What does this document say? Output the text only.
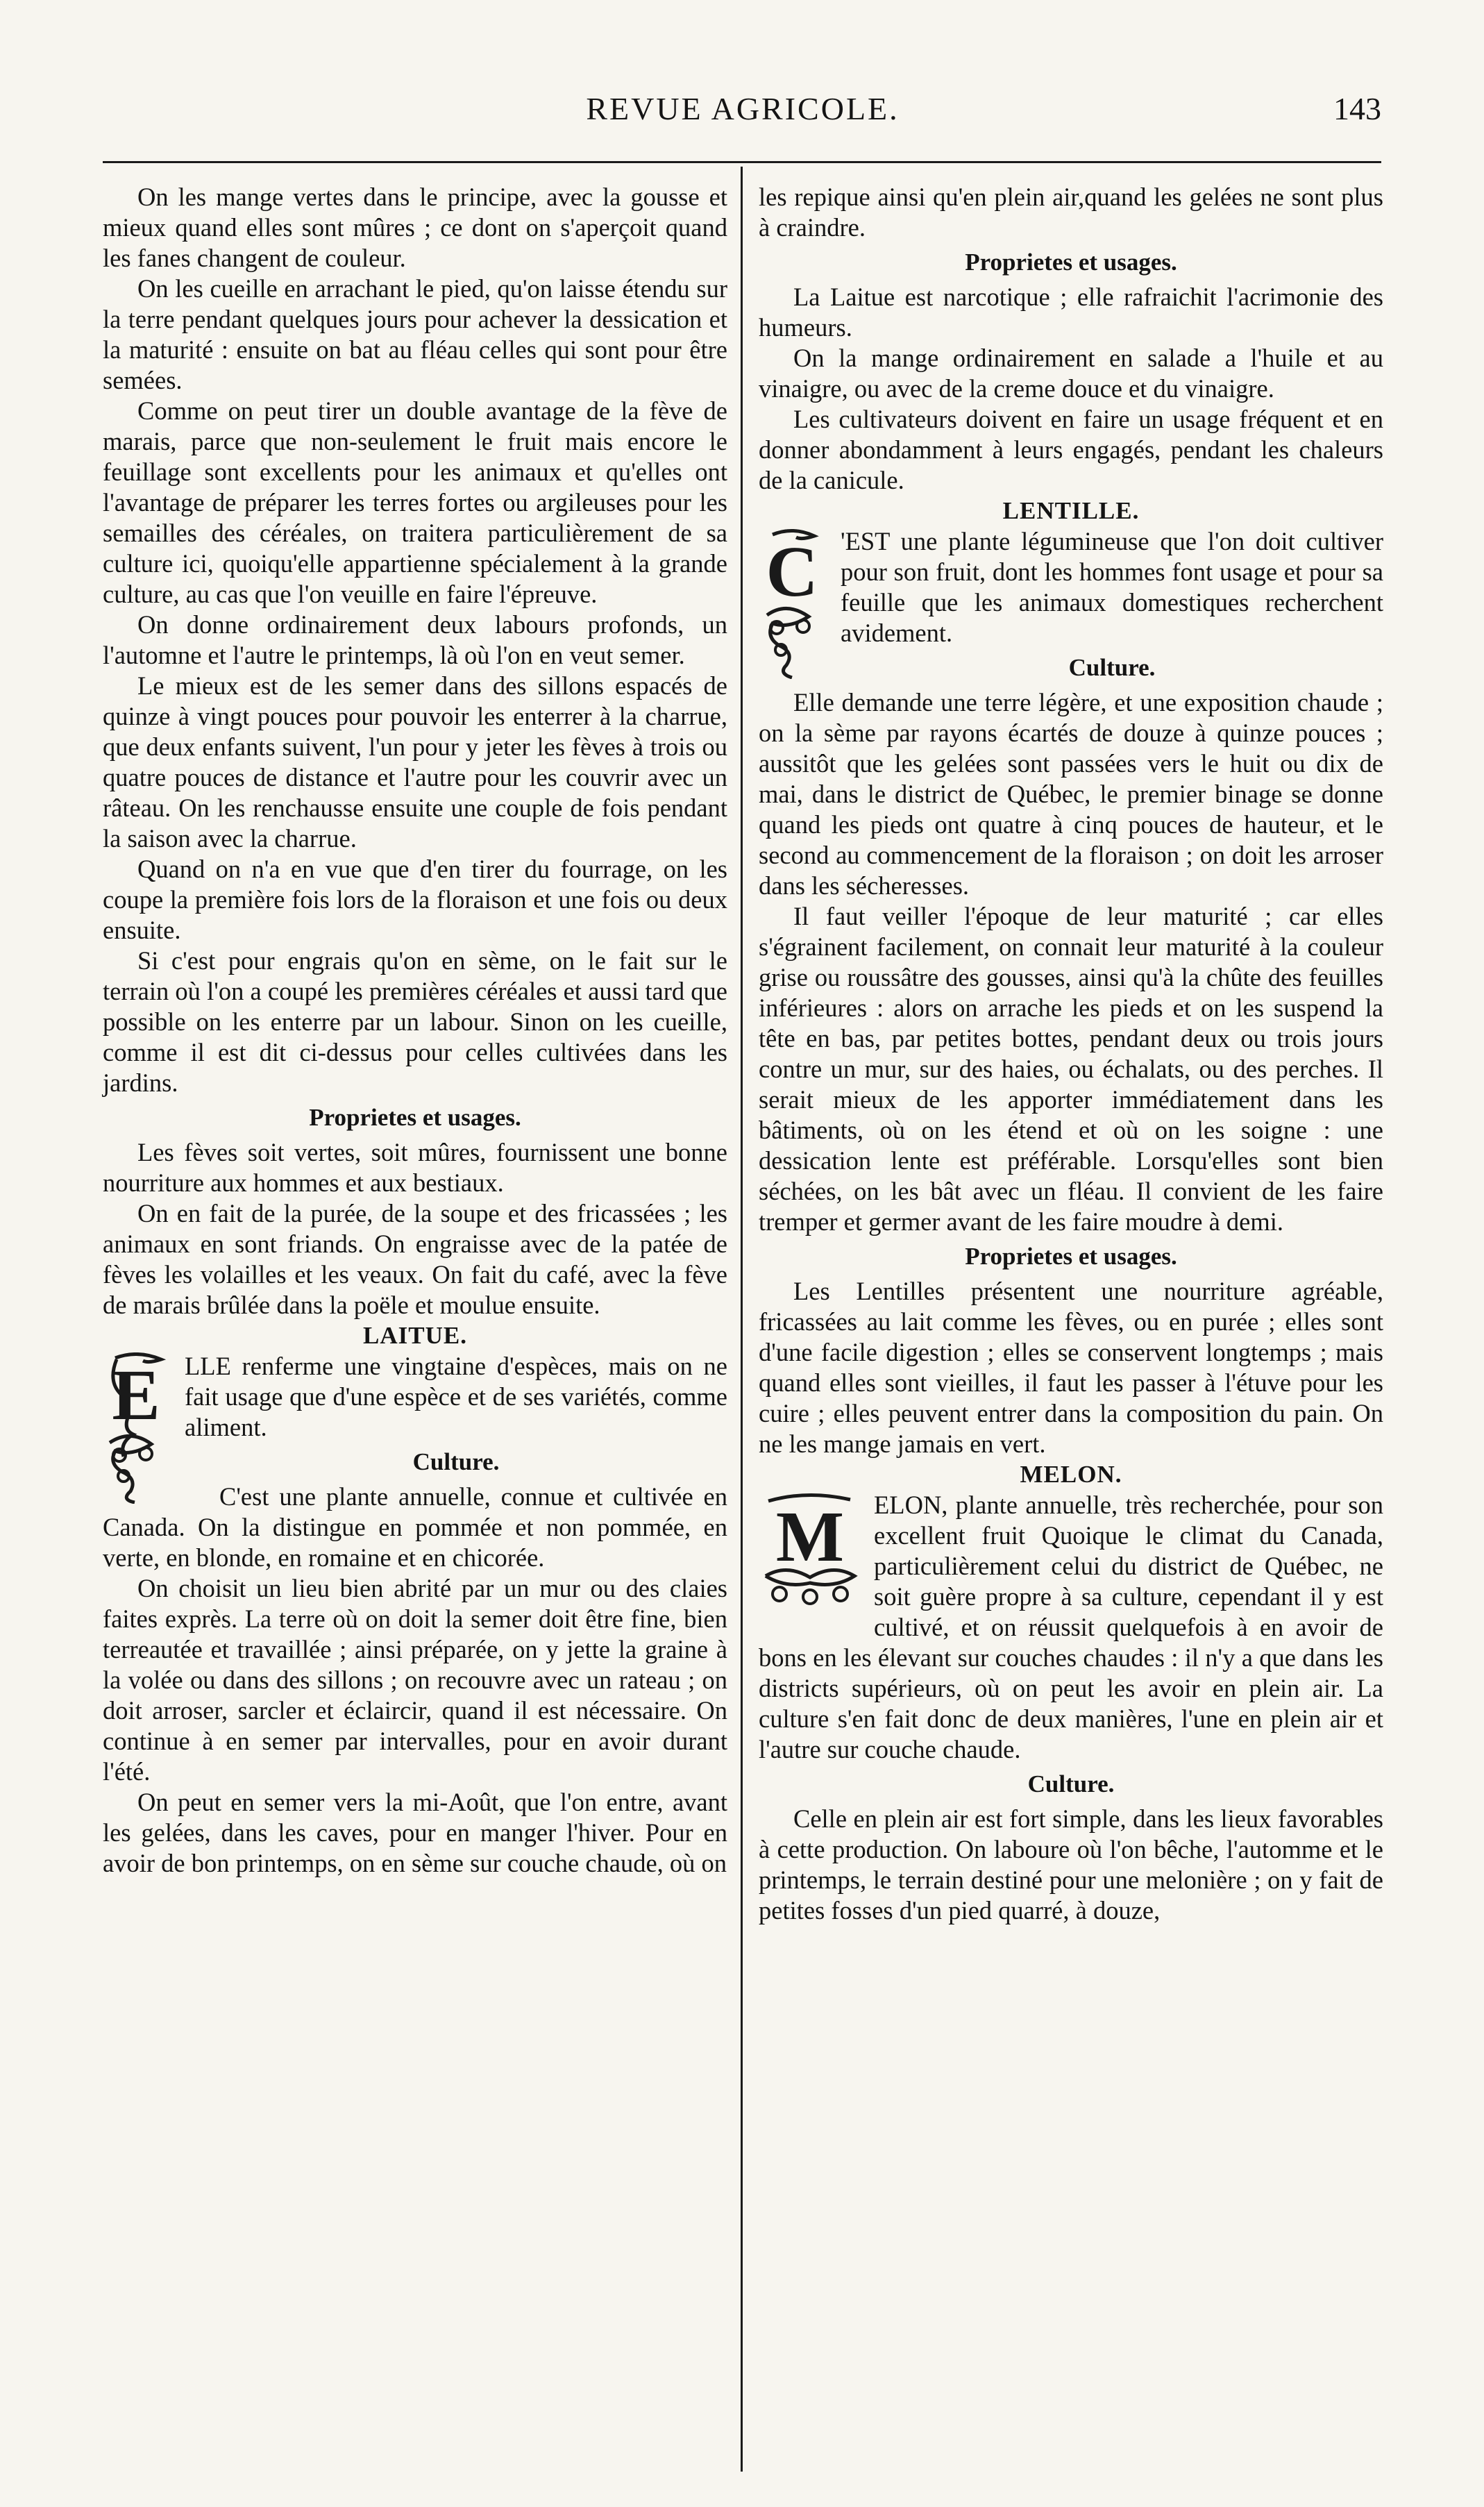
REVUE AGRICOLE.	143

On les mange vertes dans le principe, avec la gousse et mieux quand elles sont mûres ; ce dont on s'aperçoit quand les fanes changent de couleur.

On les cueille en arrachant le pied, qu'on laisse étendu sur la terre pendant quelques jours pour achever la dessication et la maturité : ensuite on bat au fléau celles qui sont pour être semées.

Comme on peut tirer un double avantage de la fève de marais, parce que non-seulement le fruit mais encore le feuillage sont excellents pour les animaux et qu'elles ont l'avantage de préparer les terres fortes ou argileuses pour les semailles des céréales, on traitera particulièrement de sa culture ici, quoiqu'elle appartienne spécialement à la grande culture, au cas que l'on veuille en faire l'épreuve.

On donne ordinairement deux labours profonds, un l'automne et l'autre le printemps, là où l'on en veut semer.

Le mieux est de les semer dans des sillons espacés de quinze à vingt pouces pour pouvoir les enterrer à la charrue, que deux enfants suivent, l'un pour y jeter les fèves à trois ou quatre pouces de distance et l'autre pour les couvrir avec un râteau. On les renchausse ensuite une couple de fois pendant la saison avec la charrue.

Quand on n'a en vue que d'en tirer du fourrage, on les coupe la première fois lors de la floraison et une fois ou deux ensuite.

Si c'est pour engrais qu'on en sème, on le fait sur le terrain où l'on a coupé les premières céréales et aussi tard que possible on les enterre par un labour. Sinon on les cueille, comme il est dit ci-dessus pour celles cultivées dans les jardins.

Proprietes et usages.

Les fèves soit vertes, soit mûres, fournissent une bonne nourriture aux hommes et aux bestiaux.

On en fait de la purée, de la soupe et des fricassées ; les animaux en sont friands. On engraisse avec de la patée de fèves les volailles et les veaux. On fait du café, avec la fève de marais brûlée dans la poële et moulue ensuite.

LAITUE.
E LLE renferme une vingtaine d'espèces, mais on ne fait usage que d'une espèce et de ses variétés, comme aliment.

Culture.

C'est une plante annuelle, connue et cultivée en Canada. On la distingue en pommée et non pommée, en verte, en blonde, en romaine et en chicorée.

On choisit un lieu bien abrité par un mur ou des claies faites exprès. La terre où on doit la semer doit être fine, bien terreautée et travaillée ; ainsi préparée, on y jette la graine à la volée ou dans des sillons ; on recouvre avec un rateau ; on doit arroser, sarcler et éclaircir, quand il est nécessaire. On continue à en semer par intervalles, pour en avoir durant l'été.

On peut en semer vers la mi-Août, que l'on entre, avant les gelées, dans les caves, pour en manger l'hiver. Pour en avoir de bon printemps, on en sème sur couche chaude, où on

les repique ainsi qu'en plein air,quand les gelées ne sont plus à craindre.

Proprietes et usages.

La Laitue est narcotique ; elle rafraichit l'acrimonie des humeurs.

On la mange ordinairement en salade a l'huile et au vinaigre, ou avec de la creme douce et du vinaigre.

Les cultivateurs doivent en faire un usage fréquent et en donner abondamment à leurs engagés, pendant les chaleurs de la canicule.

LENTILLE.
C 'EST une plante légumineuse que l'on doit cultiver pour son fruit, dont les hommes font usage et pour sa feuille que les animaux domestiques recherchent avidement.

Culture.

Elle demande une terre légère, et une exposition chaude ; on la sème par rayons écartés de douze à quinze pouces ; aussitôt que les gelées sont passées vers le huit ou dix de mai, dans le district de Québec, le premier binage se donne quand les pieds ont quatre à cinq pouces de hauteur, et le second au commencement de la floraison ; on doit les arroser dans les sécheresses.

Il faut veiller l'époque de leur maturité ; car elles s'égrainent facilement, on connait leur maturité à la couleur grise ou roussâtre des gousses, ainsi qu'à la chûte des feuilles inférieures : alors on arrache les pieds et on les suspend la tête en bas, par petites bottes, pendant deux ou trois jours contre un mur, sur des haies, ou échalats, ou des perches. Il serait mieux de les apporter immédiatement dans les bâtiments, où on les étend et où on les soigne : une dessication lente est préférable. Lorsqu'elles sont bien séchées, on les bât avec un fléau. Il convient de les faire tremper et germer avant de les faire moudre à demi.

Proprietes et usages.

Les Lentilles présentent une nourriture agréable, fricassées au lait comme les fèves, ou en purée ; elles sont d'une facile digestion ; elles se conservent longtemps ; mais quand elles sont vieilles, il faut les passer à l'étuve pour les cuire ; elles peuvent entrer dans la composition du pain. On ne les mange jamais en vert.

MELON.
M	ELON, plante annuelle, très recherchée, pour son excellent fruit Quoique le climat du Canada, particulièrement celui du district de Québec, ne soit guère propre à sa culture, cependant il y est cultivé, et on réussit quelquefois à en avoir de bons en les élevant sur couches chaudes : il n'y a que dans les districts supérieurs, où on peut les avoir en plein air. La culture s'en fait donc de deux manières, l'une en plein air et l'autre sur couche chaude.

Culture.

Celle en plein air est fort simple, dans les lieux favorables à cette production. On laboure où l'on bêche, l'automme et le printemps, le terrain destiné pour une melonière ; on y fait de petites fosses d'un pied quarré, à douze,
